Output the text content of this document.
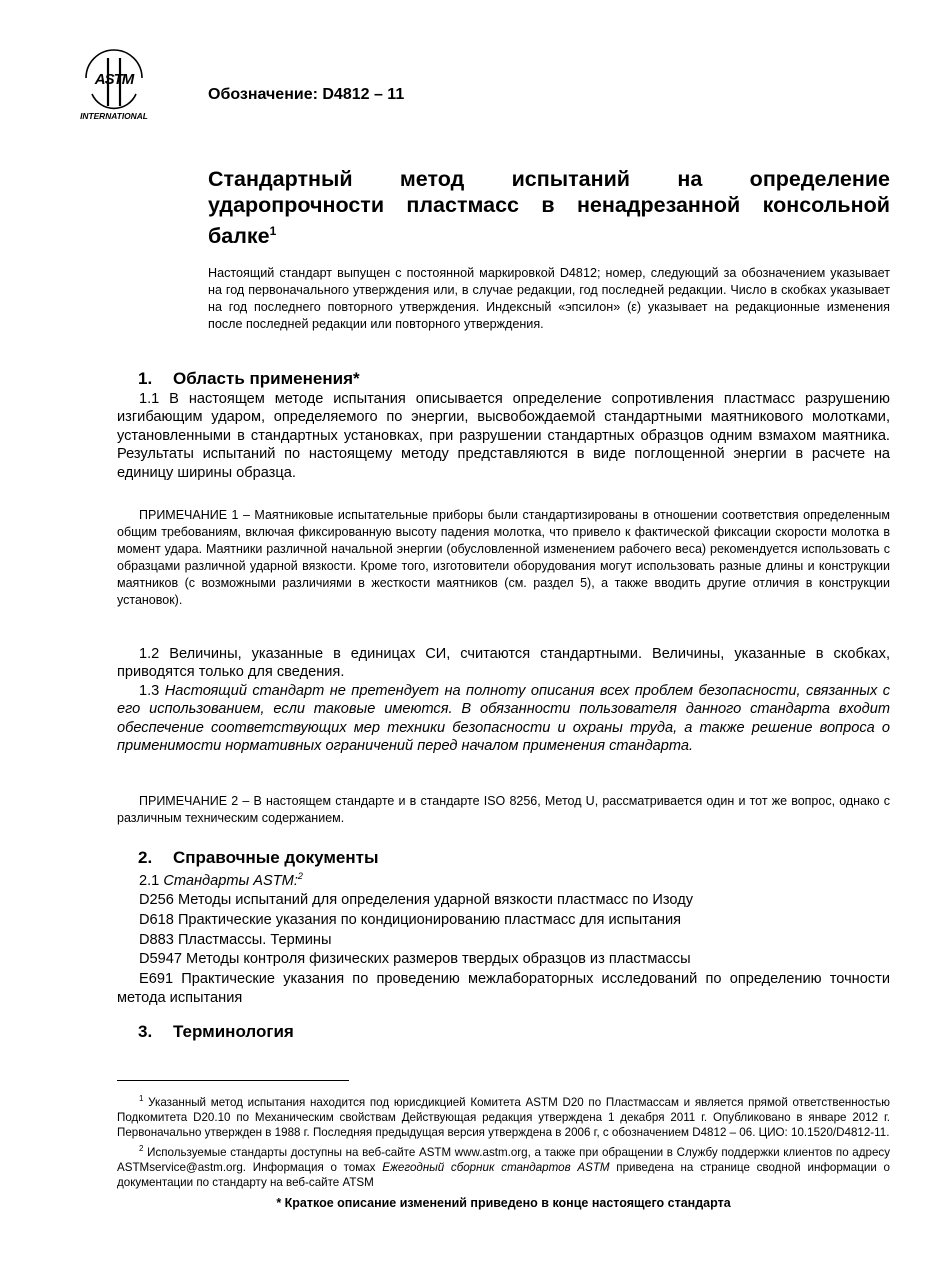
ASTM
INTERNATIONAL
Обозначение: D4812 – 11
Стандартный метод испытаний на определение ударопрочности пластмасс в ненадрезанной консольной балке$^1$

Настоящий стандарт выпущен с постоянной маркировкой D4812; номер, следующий за обозначением указывает на год первоначального утверждения или, в случае редакции, год последней редакции. Число в скобках указывает на год последнего повторного утверждения. Индексный «эпсилон» (ε) указывает на редакционные изменения после последней редакции или повторного утверждения.

1. Область применения*

1.1 В настоящем методе испытания описывается определение сопротивления пластмасс разрушению изгибающим ударом, определяемого по энергии, высвобождаемой стандартными маятникового молотками, установленными в стандартных установках, при разрушении стандартных образцов одним взмахом маятника. Результаты испытаний по настоящему методу представляются в виде поглощенной энергии в расчете на единицу ширины образца.

ПРИМЕЧАНИЕ 1 – Маятниковые испытательные приборы были стандартизированы в отношении соответствия определенным общим требованиям, включая фиксированную высоту падения молотка, что привело к фактической фиксации скорости молотка в момент удара. Маятники различной начальной энергии (обусловленной изменением рабочего веса) рекомендуется использовать с образцами различной ударной вязкости. Кроме того, изготовители оборудования могут использовать разные длины и конструкции маятников (с возможными различиями в жесткости маятников (см. раздел 5), а также вводить другие отличия в конструкции установок).

1.2 Величины, указанные в единицах СИ, считаются стандартными. Величины, указанные в скобках, приводятся только для сведения.

1.3 Настоящий стандарт не претендует на полноту описания всех проблем безопасности, связанных с его использованием, если таковые имеются. В обязанности пользователя данного стандарта входит обеспечение соответствующих мер техники безопасности и охраны труда, а также решение вопроса о применимости нормативных ограничений перед началом применения стандарта.

ПРИМЕЧАНИЕ 2 – В настоящем стандарте и в стандарте ISO 8256, Метод U, рассматривается один и тот же вопрос, однако с различным техническим содержанием.

2. Справочные документы
2.1 Стандарты ASTM:$^2$
D256 Методы испытаний для определения ударной вязкости пластмасс по Изоду
D618 Практические указания по кондиционированию пластмасс для испытания
D883 Пластмассы. Термины
D5947 Методы контроля физических размеров твердых образцов из пластмассы
E691 Практические указания по проведению межлабораторных исследований по определению точности метода испытания
3. Терминология

$^1$ Указанный метод испытания находится под юрисдикцией Комитета ASTM D20 по Пластмассам и является прямой ответственностью Подкомитета D20.10 по Механическим свойствам Действующая редакция утверждена 1 декабря 2011 г. Опубликовано в январе 2012 г. Первоначально утвержден в 1988 г. Последняя предыдущая версия утверждена в 2006 г, с обозначением D4812 – 06. ЦИО: 10.1520/D4812-11.

$^2$ Используемые стандарты доступны на веб-сайте ASTM www.astm.org, а также при обращении в Службу поддержки клиентов по адресу ASTMservice@astm.org. Информация о томах Ежегодный сборник стандартов ASTM приведена на странице сводной информации о документации по стандарту на веб-сайте ATSM

* Краткое описание изменений приведено в конце настоящего стандарта
